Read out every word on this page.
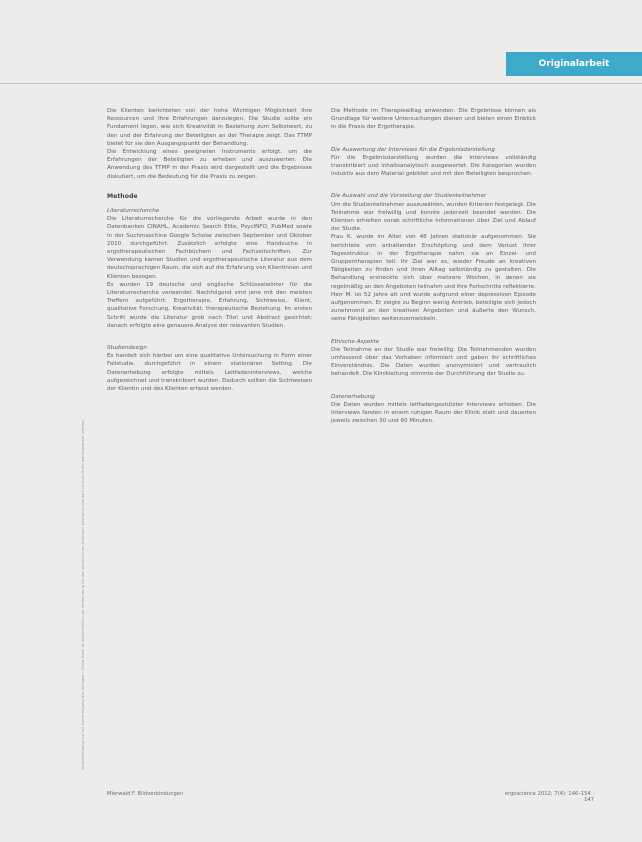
Originalarbeit
Vervielfältigung nur mit Genehmigung des Verlages • Diese Datei ist ausschließlich zur Verwendung für den persönlichen Gebrauch bestimmt und darf nicht an Dritte weitergegeben werden

Die Klienten berichteten von der hohe Wichtigen Möglichkeit ihre Ressourcen und Ihre Erfahrungen darzulegen. Die Studie sollte ein Fundament legen, wie sich Kreativität in Beziehung zum Selbstwert, zu den und der Erfahrung der Beteiligten an der Therapie zeigt. Das TTMP bietet für sie den Ausgangspunkt der Behandlung.

Die Entwicklung eines geeigneten Instruments erfolgt, um die Erfahrungen der Beteiligten zu erheben und auszuwerten. Die Anwendung des TTMP in der Praxis wird dargestellt und die Ergebnisse diskutiert, um die Bedeutung für die Praxis zu zeigen.

Methode
Literaturrecherche

Die Literaturrecherche für die vorliegende Arbeit wurde in den Datenbanken CINAHL, Academic Search Elite, PsycINFO, PubMed sowie in der Suchmaschine Google Scholar zwischen September und Oktober 2010 durchgeführt. Zusätzlich erfolgte eine Handsuche in ergotherapeutischen Fachbüchern und Fachzeitschriften. Zur Verwendung kamen Studien und ergotherapeutische Literatur aus dem deutschsprachigen Raum, die sich auf die Erfahrung von Klientinnen und Klienten bezogen.

Es wurden 19 deutsche und englische Schlüsselwörter für die Literaturrecherche verwendet. Nachfolgend sind jene mit den meisten Treffern aufgeführt: Ergotherapie, Erfahrung, Sichtweise, Klient, qualitative Forschung, Kreativität, therapeutische Beziehung. Im ersten Schritt wurde die Literatur grob nach Titel und Abstract gesichtet; danach erfolgte eine genauere Analyse der relevanten Studien.

Studiendesign

Es handelt sich hierbei um eine qualitative Untersuchung in Form einer Fallstudie, durchgeführt in einem stationären Setting. Die Datenerhebung erfolgte mittels Leitfadeninterviews, welche aufgezeichnet und transkribiert wurden. Dadurch sollten die Sichtweisen der Klientin und des Klienten erfasst werden.

Die Methode im Therapiealltag anwenden. Die Ergebnisse können als Grundlage für weitere Untersuchungen dienen und bieten einen Einblick in die Praxis der Ergotherapie.

Die Auswertung der Interviews für die Ergebnisdarstellung

Für die Ergebnisdarstellung wurden die Interviews vollständig transkribiert und inhaltsanalytisch ausgewertet. Die Kategorien wurden induktiv aus dem Material gebildet und mit den Beteiligten besprochen.

Die Auswahl und die Vorstellung der Studienteilnehmer

Um die Studienteilnehmer auszuwählen, wurden Kriterien festgelegt. Die Teilnahme war freiwillig und konnte jederzeit beendet werden. Die Klienten erhielten vorab schriftliche Informationen über Ziel und Ablauf der Studie.

Frau K. wurde im Alter von 48 Jahren stationär aufgenommen. Sie berichtete von anhaltender Erschöpfung und dem Verlust ihrer Tagesstruktur. In der Ergotherapie nahm sie an Einzel- und Gruppentherapien teil. Ihr Ziel war es, wieder Freude an kreativen Tätigkeiten zu finden und ihren Alltag selbständig zu gestalten. Die Behandlung erstreckte sich über mehrere Wochen, in denen sie regelmäßig an den Angeboten teilnahm und ihre Fortschritte reflektierte.

Herr M. ist 52 Jahre alt und wurde aufgrund einer depressiven Episode aufgenommen. Er zeigte zu Beginn wenig Antrieb, beteiligte sich jedoch zunehmend an den kreativen Angeboten und äußerte den Wunsch, seine Fähigkeiten weiterzuentwickeln.

Ethische Aspekte

Die Teilnahme an der Studie war freiwillig. Die Teilnehmenden wurden umfassend über das Vorhaben informiert und gaben ihr schriftliches Einverständnis. Die Daten wurden anonymisiert und vertraulich behandelt. Die Klinikleitung stimmte der Durchführung der Studie zu.

Datenerhebung

Die Daten wurden mittels leitfadengestützter Interviews erhoben. Die Interviews fanden in einem ruhigen Raum der Klinik statt und dauerten jeweils zwischen 30 und 60 Minuten.

Mierwald F. Bildverbindungen	ergoscience 2012; 7(4): 146–154 · 147
